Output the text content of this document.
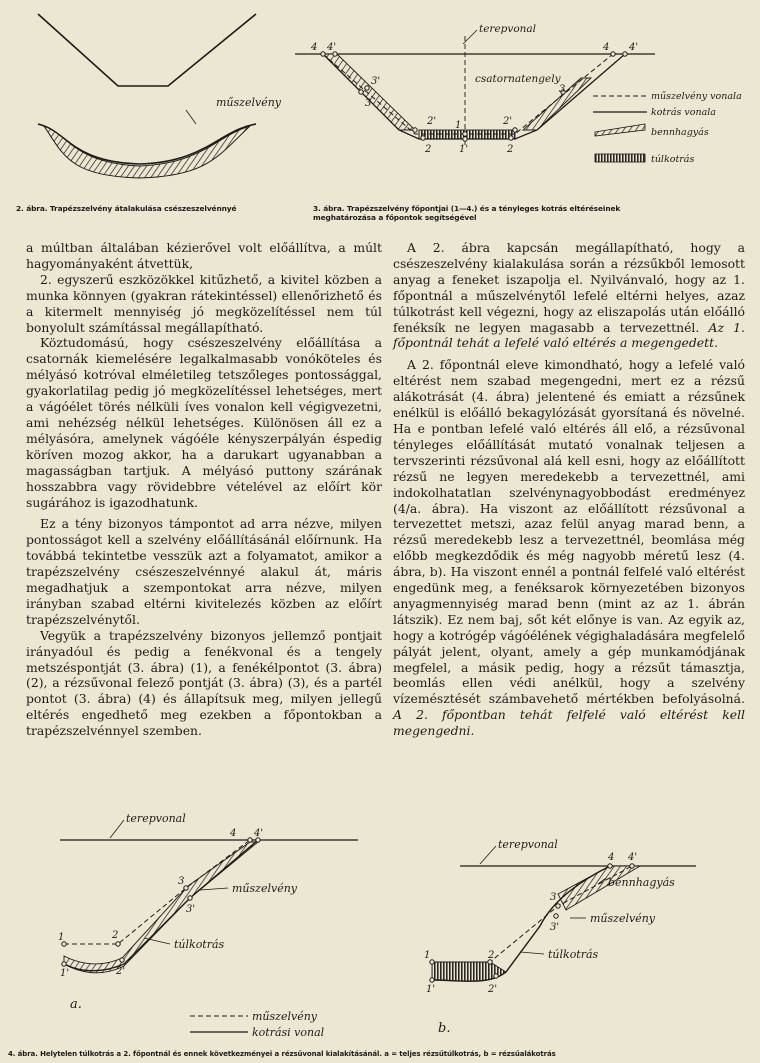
műszelvény
2. ábra. Trapézszelvény átalakulása csészeszelvénnyé
terepvonal
csatornatengely
4 4'
3'
3
2'
2
2'
2
1
1'
3
4 4'
műszelvény vonala
kotrás vonala
bennhagyás
túlkotrás
3. ábra. Trapézszelvény főpontjai (1—4.) és a tényleges kotrás eltéréseinek
meghatározása a főpontok segítségével

a múltban általában kézierővel volt előállítva, a múlt hagyományaként átvettük,

2. egyszerű eszközökkel kitűzhető, a kivitel közben a munka könnyen (gyakran rátekintéssel) ellenőrizhető és a kitermelt mennyiség jó megközelítéssel nem túl bonyolult számítással megállapítható.

Köztudomású, hogy csészeszelvény előállítása a csatornák kiemelésére legalkalmasabb vonóköteles és mélyásó kotróval elméletileg tetszőleges pontossággal, gyakorlatilag pedig jó megközelítéssel lehetséges, mert a vágóélet törés nélküli íves vonalon kell végigvezetni, ami nehézség nélkül lehetséges. Különösen áll ez a mélyásóra, amelynek vágóéle kényszerpályán éspedig köríven mozog akkor, ha a darukart ugyanabban a magasságban tartjuk. A mélyásó puttony szárának hosszabbra vagy rövidebbre vételével az előírt kör sugárához is igazodhatunk.

Ez a tény bizonyos támpontot ad arra nézve, milyen pontosságot kell a szelvény előállításánál előírnunk. Ha továbbá tekintetbe vesszük azt a folyamatot, amikor a trapézszelvény csészeszelvénnyé alakul át, máris megadhatjuk a szempontokat arra nézve, milyen irányban szabad eltérni kivitelezés közben az előírt trapézszelvénytől.

Vegyük a trapézszelvény bizonyos jellemző pontjait irányadóul és pedig a fenékvonal és a tengely metszéspontját (3. ábra) (1), a fenékélpontot (3. ábra) (2), a rézsűvonal felező pontját (3. ábra) (3), és a partél pontot (3. ábra) (4) és állapítsuk meg, milyen jellegű eltérés engedhető meg ezekben a főpontokban a trapézszelvénnyel szemben.

A 2. ábra kapcsán megállapítható, hogy a csészeszelvény kialakulása során a rézsűkből lemosott anyag a feneket iszapolja el. Nyilvánvaló, hogy az 1. főpontnál a műszelvénytől lefelé eltérni helyes, azaz túlkotrást kell végezni, hogy az eliszapolás után előálló fenéksík ne legyen magasabb a tervezettnél. Az 1. főpontnál tehát a lefelé való eltérés a megengedett.

A 2. főpontnál eleve kimondható, hogy a lefelé való eltérést nem szabad megengedni, mert ez a rézsű alákotrását (4. ábra) jelentené és emiatt a rézsűnek enélkül is előálló bekagylózását gyorsítaná és növelné. Ha e pontban lefelé való eltérés áll elő, a rézsűvonal tényleges előállítását mutató vonalnak teljesen a tervszerinti rézsűvonal alá kell esni, hogy az előállított rézsű ne legyen meredekebb a tervezettnél, ami indokolhatatlan szelvénynagyobbodást eredményez (4/a. ábra). Ha viszont az előállított rézsűvonal a tervezettet metszi, azaz felül anyag marad benn, a rézsű meredekebb lesz a tervezettnél, beomlása még előbb megkezdődik és még nagyobb méretű lesz (4. ábra, b). Ha viszont ennél a pontnál felfelé való eltérést engedünk meg, a fenéksarok környezetében bizonyos anyagmennyiség marad benn (mint az az 1. ábrán látszik). Ez nem baj, sőt két előnye is van. Az egyik az, hogy a kotrógép vágóélének végighaladására megfelelő pályát jelent, olyant, amely a gép munkamódjának megfelel, a másik pedig, hogy a rézsűt támasztja, beomlás ellen védi anélkül, hogy a szelvény vízemésztését számbavehető mértékben befolyásolná. A 2. főpontban tehát felfelé való eltérést kell megengedni.

terepvonal
1
1'
2
2'
3
3'
4 4'
műszelvény
túlkotrás
a.
műszelvény
kotrási vonal
terepvonal
1
1'
2
2'
3
3'
4 4'
bennhagyás
műszelvény
túlkotrás
b.
4. ábra. Helytelen túlkotrás a 2. főpontnál és ennek következményei a rézsűvonal kialakításánál. a = teljes rézsűtúlkotrás, b = rézsűalákotrás
